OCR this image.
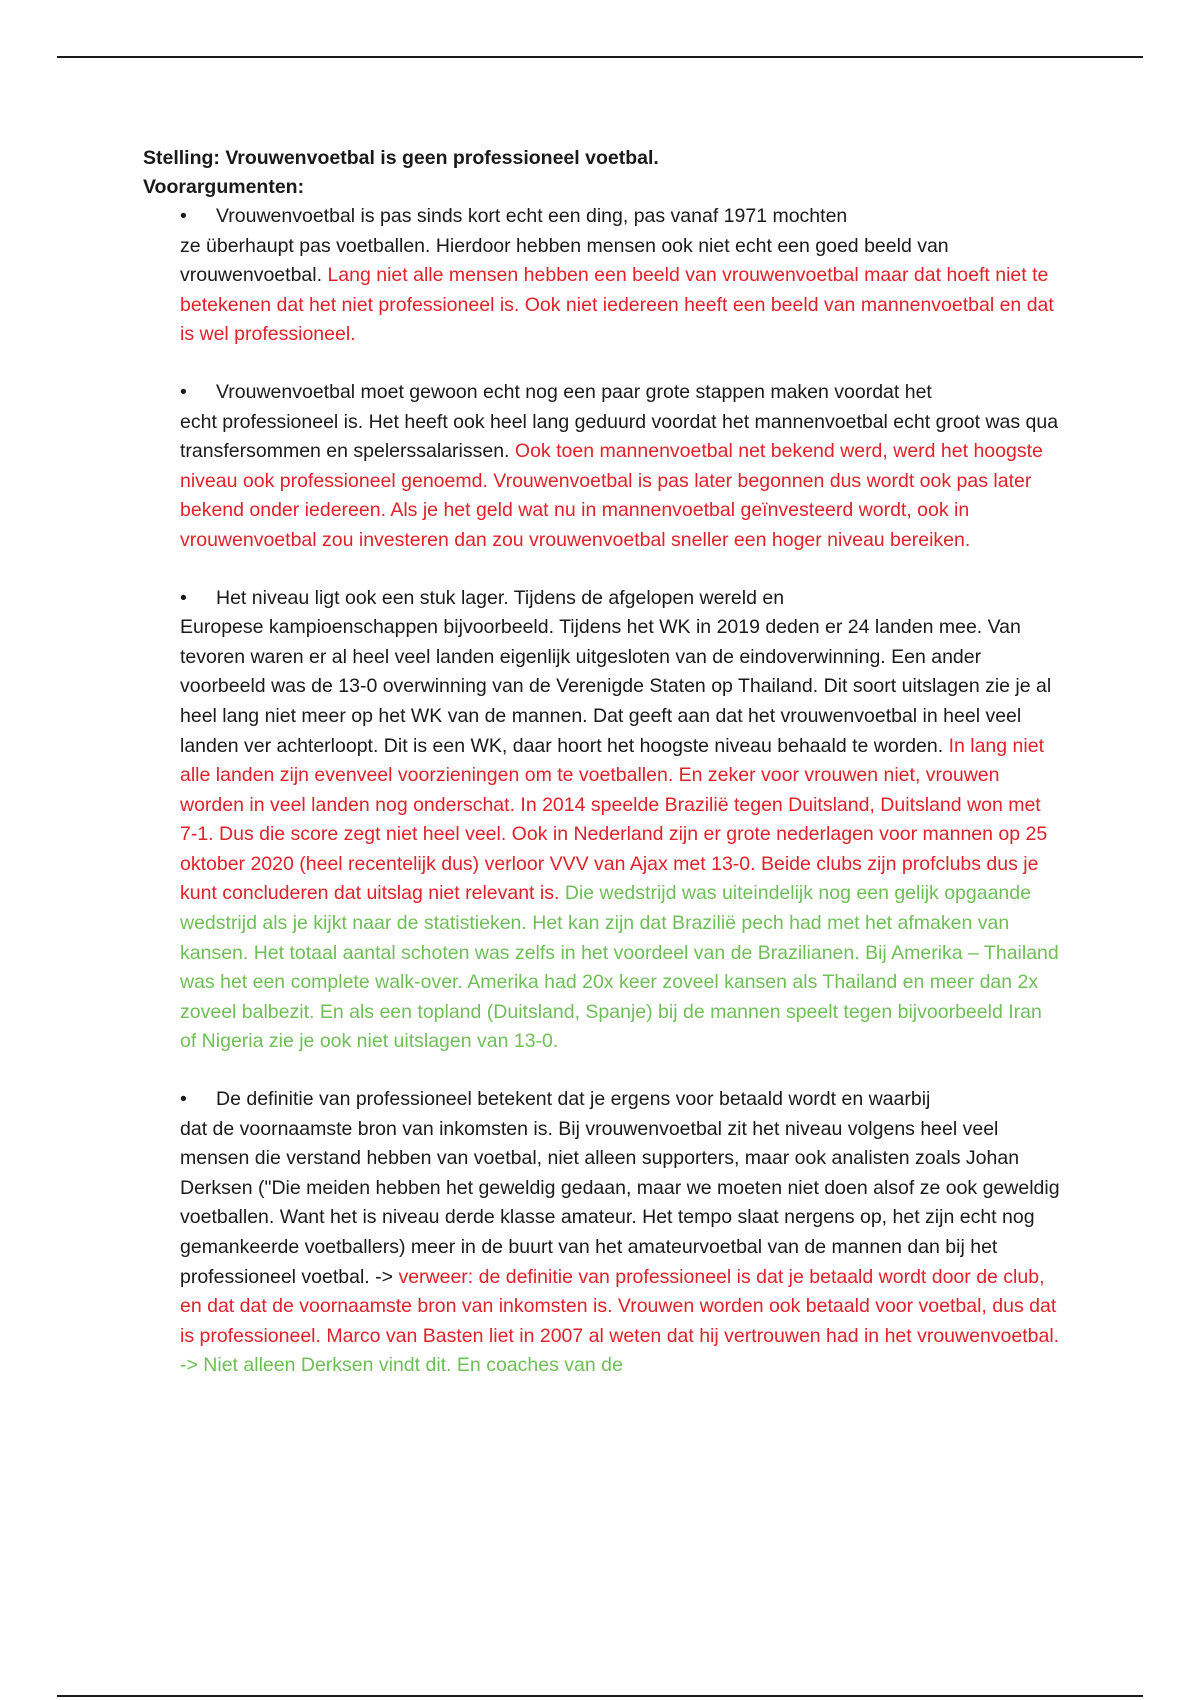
Stelling: Vrouwenvoetbal is geen professioneel voetbal.

Voorargumenten:

•	Vrouwenvoetbal is pas sinds kort echt een ding, pas vanaf 1971 mochten
ze überhaupt pas voetballen. Hierdoor hebben mensen ook niet echt een goed beeld van vrouwenvoetbal. Lang niet alle mensen hebben een beeld van vrouwenvoetbal maar dat hoeft niet te betekenen dat het niet professioneel is. Ook niet iedereen heeft een beeld van mannenvoetbal en dat is wel professioneel.
•	Vrouwenvoetbal moet gewoon echt nog een paar grote stappen maken voordat het
echt professioneel is. Het heeft ook heel lang geduurd voordat het mannenvoetbal echt groot was qua transfersommen en spelerssalarissen. Ook toen mannenvoetbal net bekend werd, werd het hoogste niveau ook professioneel genoemd. Vrouwenvoetbal is pas later begonnen dus wordt ook pas later bekend onder iedereen. Als je het geld wat nu in mannenvoetbal geïnvesteerd wordt, ook in vrouwenvoetbal zou investeren dan zou vrouwenvoetbal sneller een hoger niveau bereiken.
•	Het niveau ligt ook een stuk lager. Tijdens de afgelopen wereld en
Europese kampioenschappen bijvoorbeeld. Tijdens het WK in 2019 deden er 24 landen mee. Van tevoren waren er al heel veel landen eigenlijk uitgesloten van de eindoverwinning. Een ander voorbeeld was de 13-0 overwinning van de Verenigde Staten op Thailand. Dit soort uitslagen zie je al heel lang niet meer op het WK van de mannen. Dat geeft aan dat het vrouwenvoetbal in heel veel landen ver achterloopt. Dit is een WK, daar hoort het hoogste niveau behaald te worden. In lang niet alle landen zijn evenveel voorzieningen om te voetballen. En zeker voor vrouwen niet, vrouwen worden in veel landen nog onderschat. In 2014 speelde Brazilië tegen Duitsland, Duitsland won met 7-1. Dus die score zegt niet heel veel. Ook in Nederland zijn er grote nederlagen voor mannen op 25 oktober 2020 (heel recentelijk dus) verloor VVV van Ajax met 13-0. Beide clubs zijn profclubs dus je kunt concluderen dat uitslag niet relevant is. Die wedstrijd was uiteindelijk nog een gelijk opgaande wedstrijd als je kijkt naar de statistieken. Het kan zijn dat Brazilië pech had met het afmaken van kansen. Het totaal aantal schoten was zelfs in het voordeel van de Brazilianen. Bij Amerika – Thailand was het een complete walk-over. Amerika had 20x keer zoveel kansen als Thailand en meer dan 2x zoveel balbezit. En als een topland (Duitsland, Spanje) bij de mannen speelt tegen bijvoorbeeld Iran of Nigeria zie je ook niet uitslagen van 13-0.
•	De definitie van professioneel betekent dat je ergens voor betaald wordt en waarbij
dat de voornaamste bron van inkomsten is. Bij vrouwenvoetbal zit het niveau volgens heel veel mensen die verstand hebben van voetbal, niet alleen supporters, maar ook analisten zoals Johan Derksen ("Die meiden hebben het geweldig gedaan, maar we moeten niet doen alsof ze ook geweldig voetballen. Want het is niveau derde klasse amateur. Het tempo slaat nergens op, het zijn echt nog gemankeerde voetballers) meer in de buurt van het amateurvoetbal van de mannen dan bij het professioneel voetbal. -> verweer: de definitie van professioneel is dat je betaald wordt door de club, en dat dat de voornaamste bron van inkomsten is. Vrouwen worden ook betaald voor voetbal, dus dat is professioneel. Marco van Basten liet in 2007 al weten dat hij vertrouwen had in het vrouwenvoetbal. -> Niet alleen Derksen vindt dit. En coaches van de
